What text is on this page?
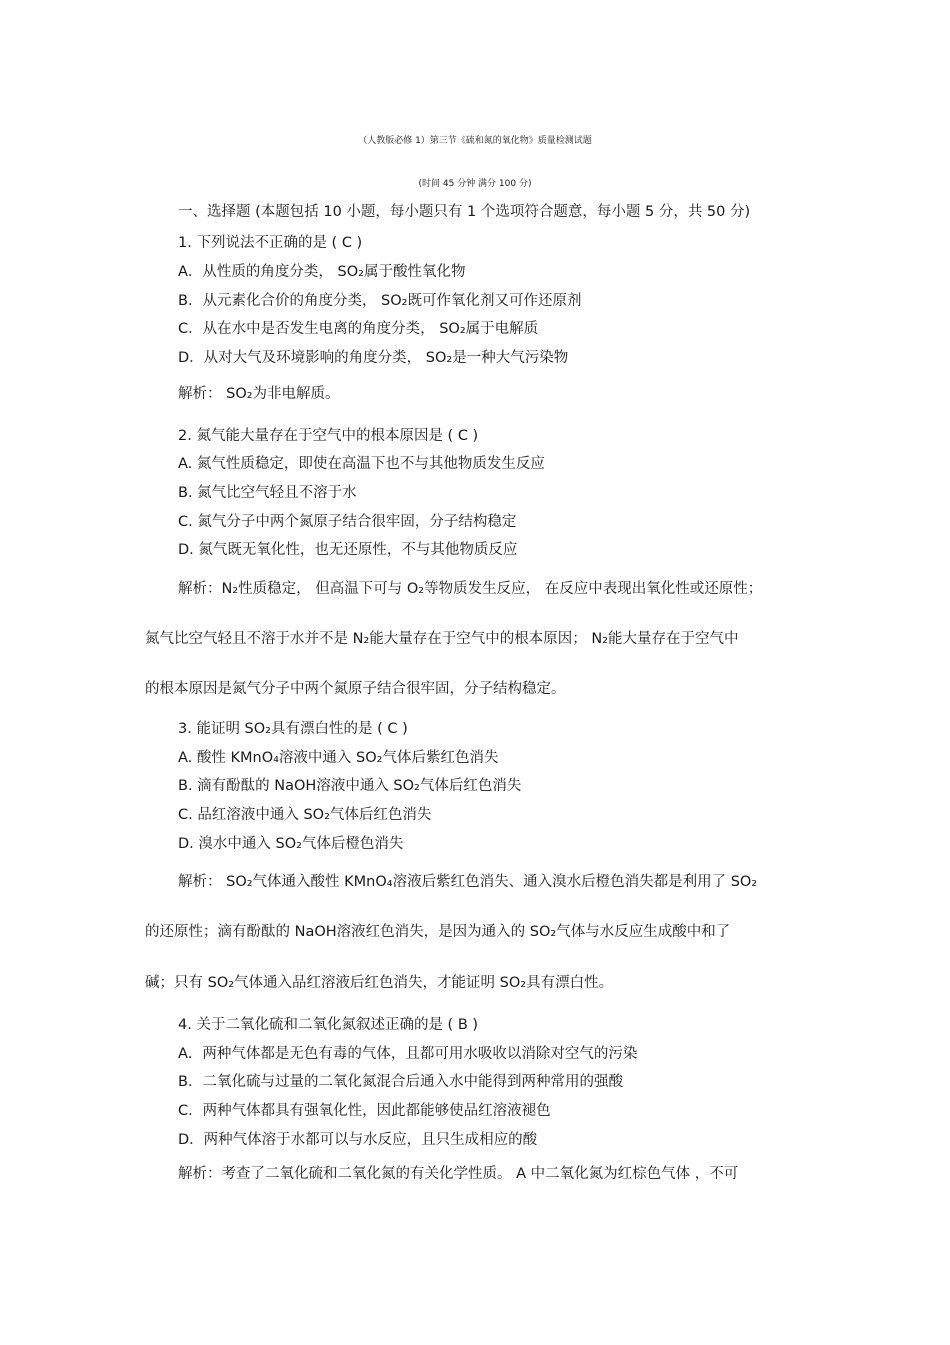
（人教版必修 1）第三节《硫和氮的氧化物》质量检测试题
(时间 45 分钟 满分 100 分)
一、选择题 (本题包括 10 小题，每小题只有 1 个选项符合题意，每小题 5 分，共 50 分)
1. 下列说法不正确的是 ( C )
A．从性质的角度分类， SO₂属于酸性氧化物
B．从元素化合价的角度分类， SO₂既可作氧化剂又可作还原剂
C．从在水中是否发生电离的角度分类， SO₂属于电解质
D．从对大气及环境影响的角度分类， SO₂是一种大气污染物
解析： SO₂为非电解质。
2. 氮气能大量存在于空气中的根本原因是 ( C )
A. 氮气性质稳定，即使在高温下也不与其他物质发生反应
B. 氮气比空气轻且不溶于水
C. 氮气分子中两个氮原子结合很牢固，分子结构稳定
D. 氮气既无氧化性，也无还原性，不与其他物质反应
解析：N₂性质稳定， 但高温下可与 O₂等物质发生反应， 在反应中表现出氧化性或还原性；
氮气比空气轻且不溶于水并不是 N₂能大量存在于空气中的根本原因； N₂能大量存在于空气中
的根本原因是氮气分子中两个氮原子结合很牢固，分子结构稳定。
3. 能证明 SO₂具有漂白性的是 ( C )
A. 酸性 KMnO₄溶液中通入 SO₂气体后紫红色消失
B. 滴有酚酞的 NaOH溶液中通入 SO₂气体后红色消失
C. 品红溶液中通入 SO₂气体后红色消失
D. 溴水中通入 SO₂气体后橙色消失
解析： SO₂气体通入酸性 KMnO₄溶液后紫红色消失、通入溴水后橙色消失都是利用了 SO₂
的还原性；滴有酚酞的 NaOH溶液红色消失，是因为通入的 SO₂气体与水反应生成酸中和了
碱；只有 SO₂气体通入品红溶液后红色消失，才能证明 SO₂具有漂白性。
4. 关于二氧化硫和二氧化氮叙述正确的是 ( B )
A．两种气体都是无色有毒的气体，且都可用水吸收以消除对空气的污染
B．二氧化硫与过量的二氧化氮混合后通入水中能得到两种常用的强酸
C．两种气体都具有强氧化性，因此都能够使品红溶液褪色
D．两种气体溶于水都可以与水反应，且只生成相应的酸
解析：考查了二氧化硫和二氧化氮的有关化学性质。 A 中二氧化氮为红棕色气体 ，不可
